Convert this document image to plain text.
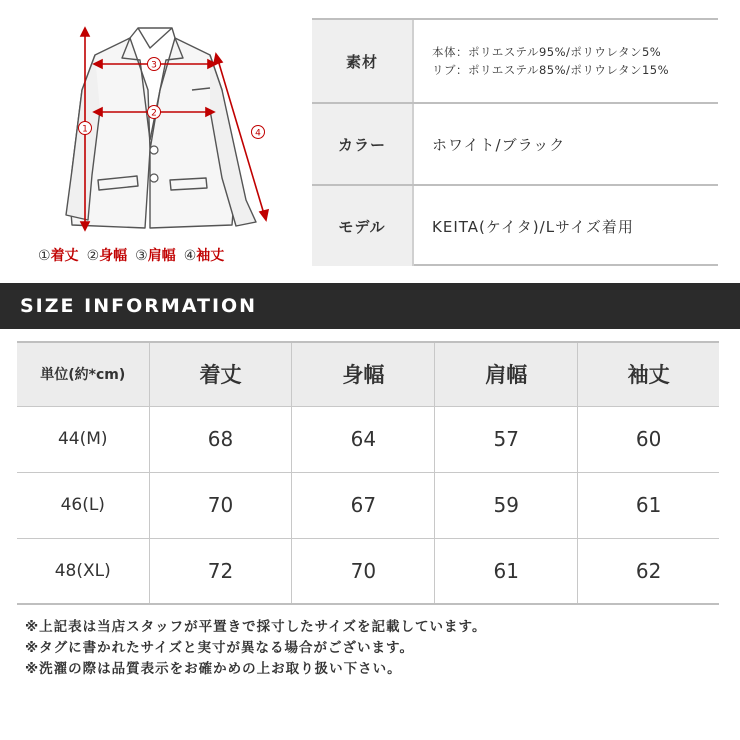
1
2
3
4
①着丈 ②身幅 ③肩幅 ④袖丈
素材
本体：ポリエステル95%/ポリウレタン5%
リブ：ポリエステル85%/ポリウレタン15%
カラー	ホワイト/ブラック
モデル	KEITA(ケイタ)/Lサイズ着用
SIZE INFORMATION
単位(約*cm)	着丈	身幅	肩幅	袖丈
44(M)	68	64	57	60
46(L)	70	67	59	61
48(XL)	72	70	61	62
※上記表は当店スタッフが平置きで採寸したサイズを記載しています。
※タグに書かれたサイズと実寸が異なる場合がございます。
※洗濯の際は品質表示をお確かめの上お取り扱い下さい。
